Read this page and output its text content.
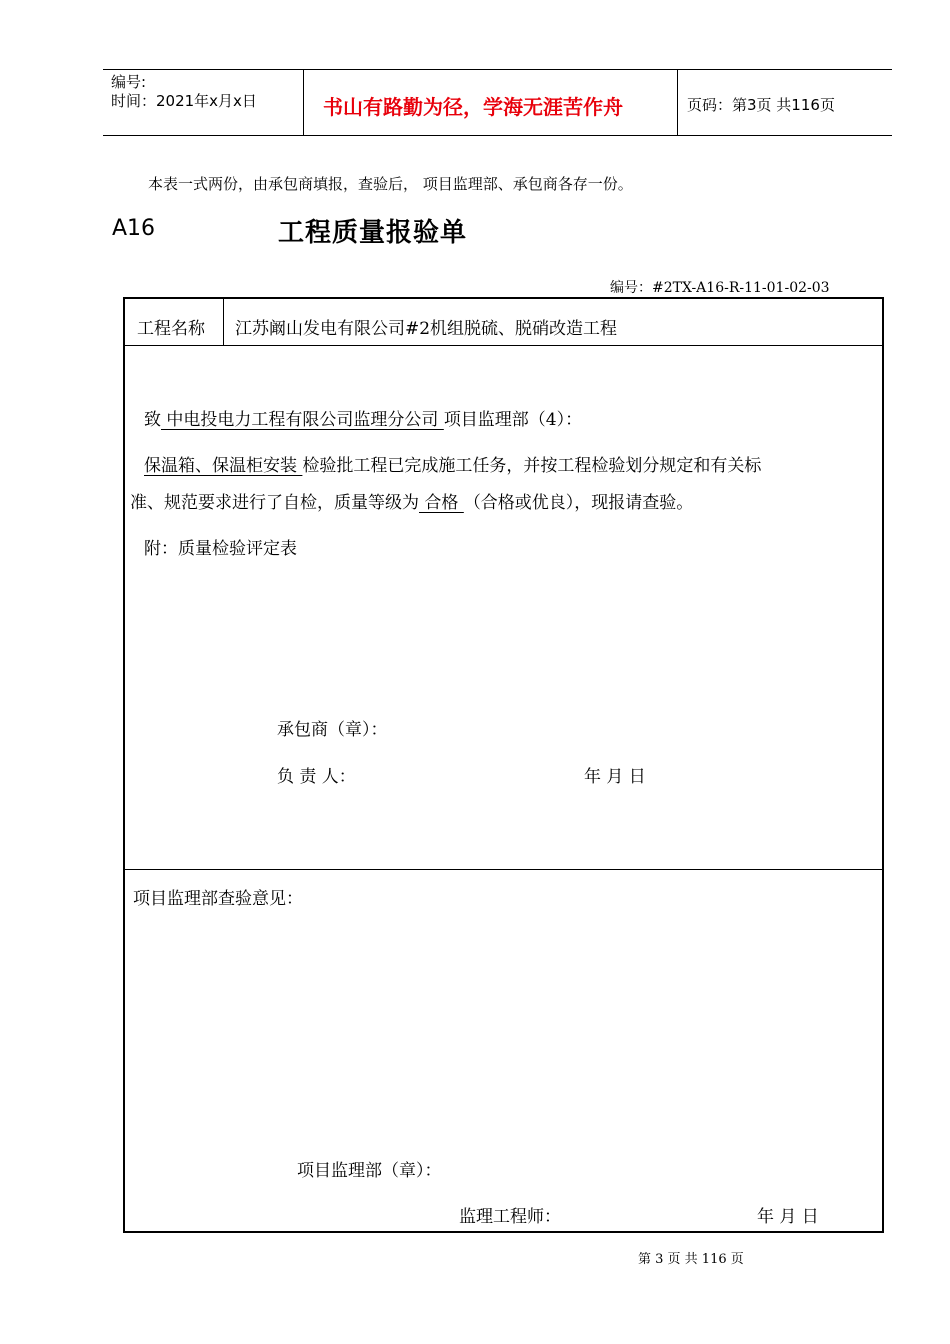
编号:
时间：2021年x月x日	书山有路勤为径，学海无涯苦作舟	页码：第3页 共116页
本表一式两份，由承包商填报，查验后， 项目监理部、承包商各存一份。
A16	工程质量报验单
编号：#2TX-A16-R-11-01-02-03
工程名称 江苏阚山发电有限公司#2机组脱硫、脱硝改造工程
致 中电投电力工程有限公司监理分公司 项目监理部（4）：
保温箱、保温柜安装 检验批工程已完成施工任务，并按工程检验划分规定和有关标
准、规范要求进行了自检，质量等级为 合格 （合格或优良），现报请查验。
附：质量检验评定表
承包商（章）：
负 责 人：	年 月 日
项目监理部查验意见：
项目监理部（章）：
监理工程师：	年 月 日
第 3 页 共 116 页
